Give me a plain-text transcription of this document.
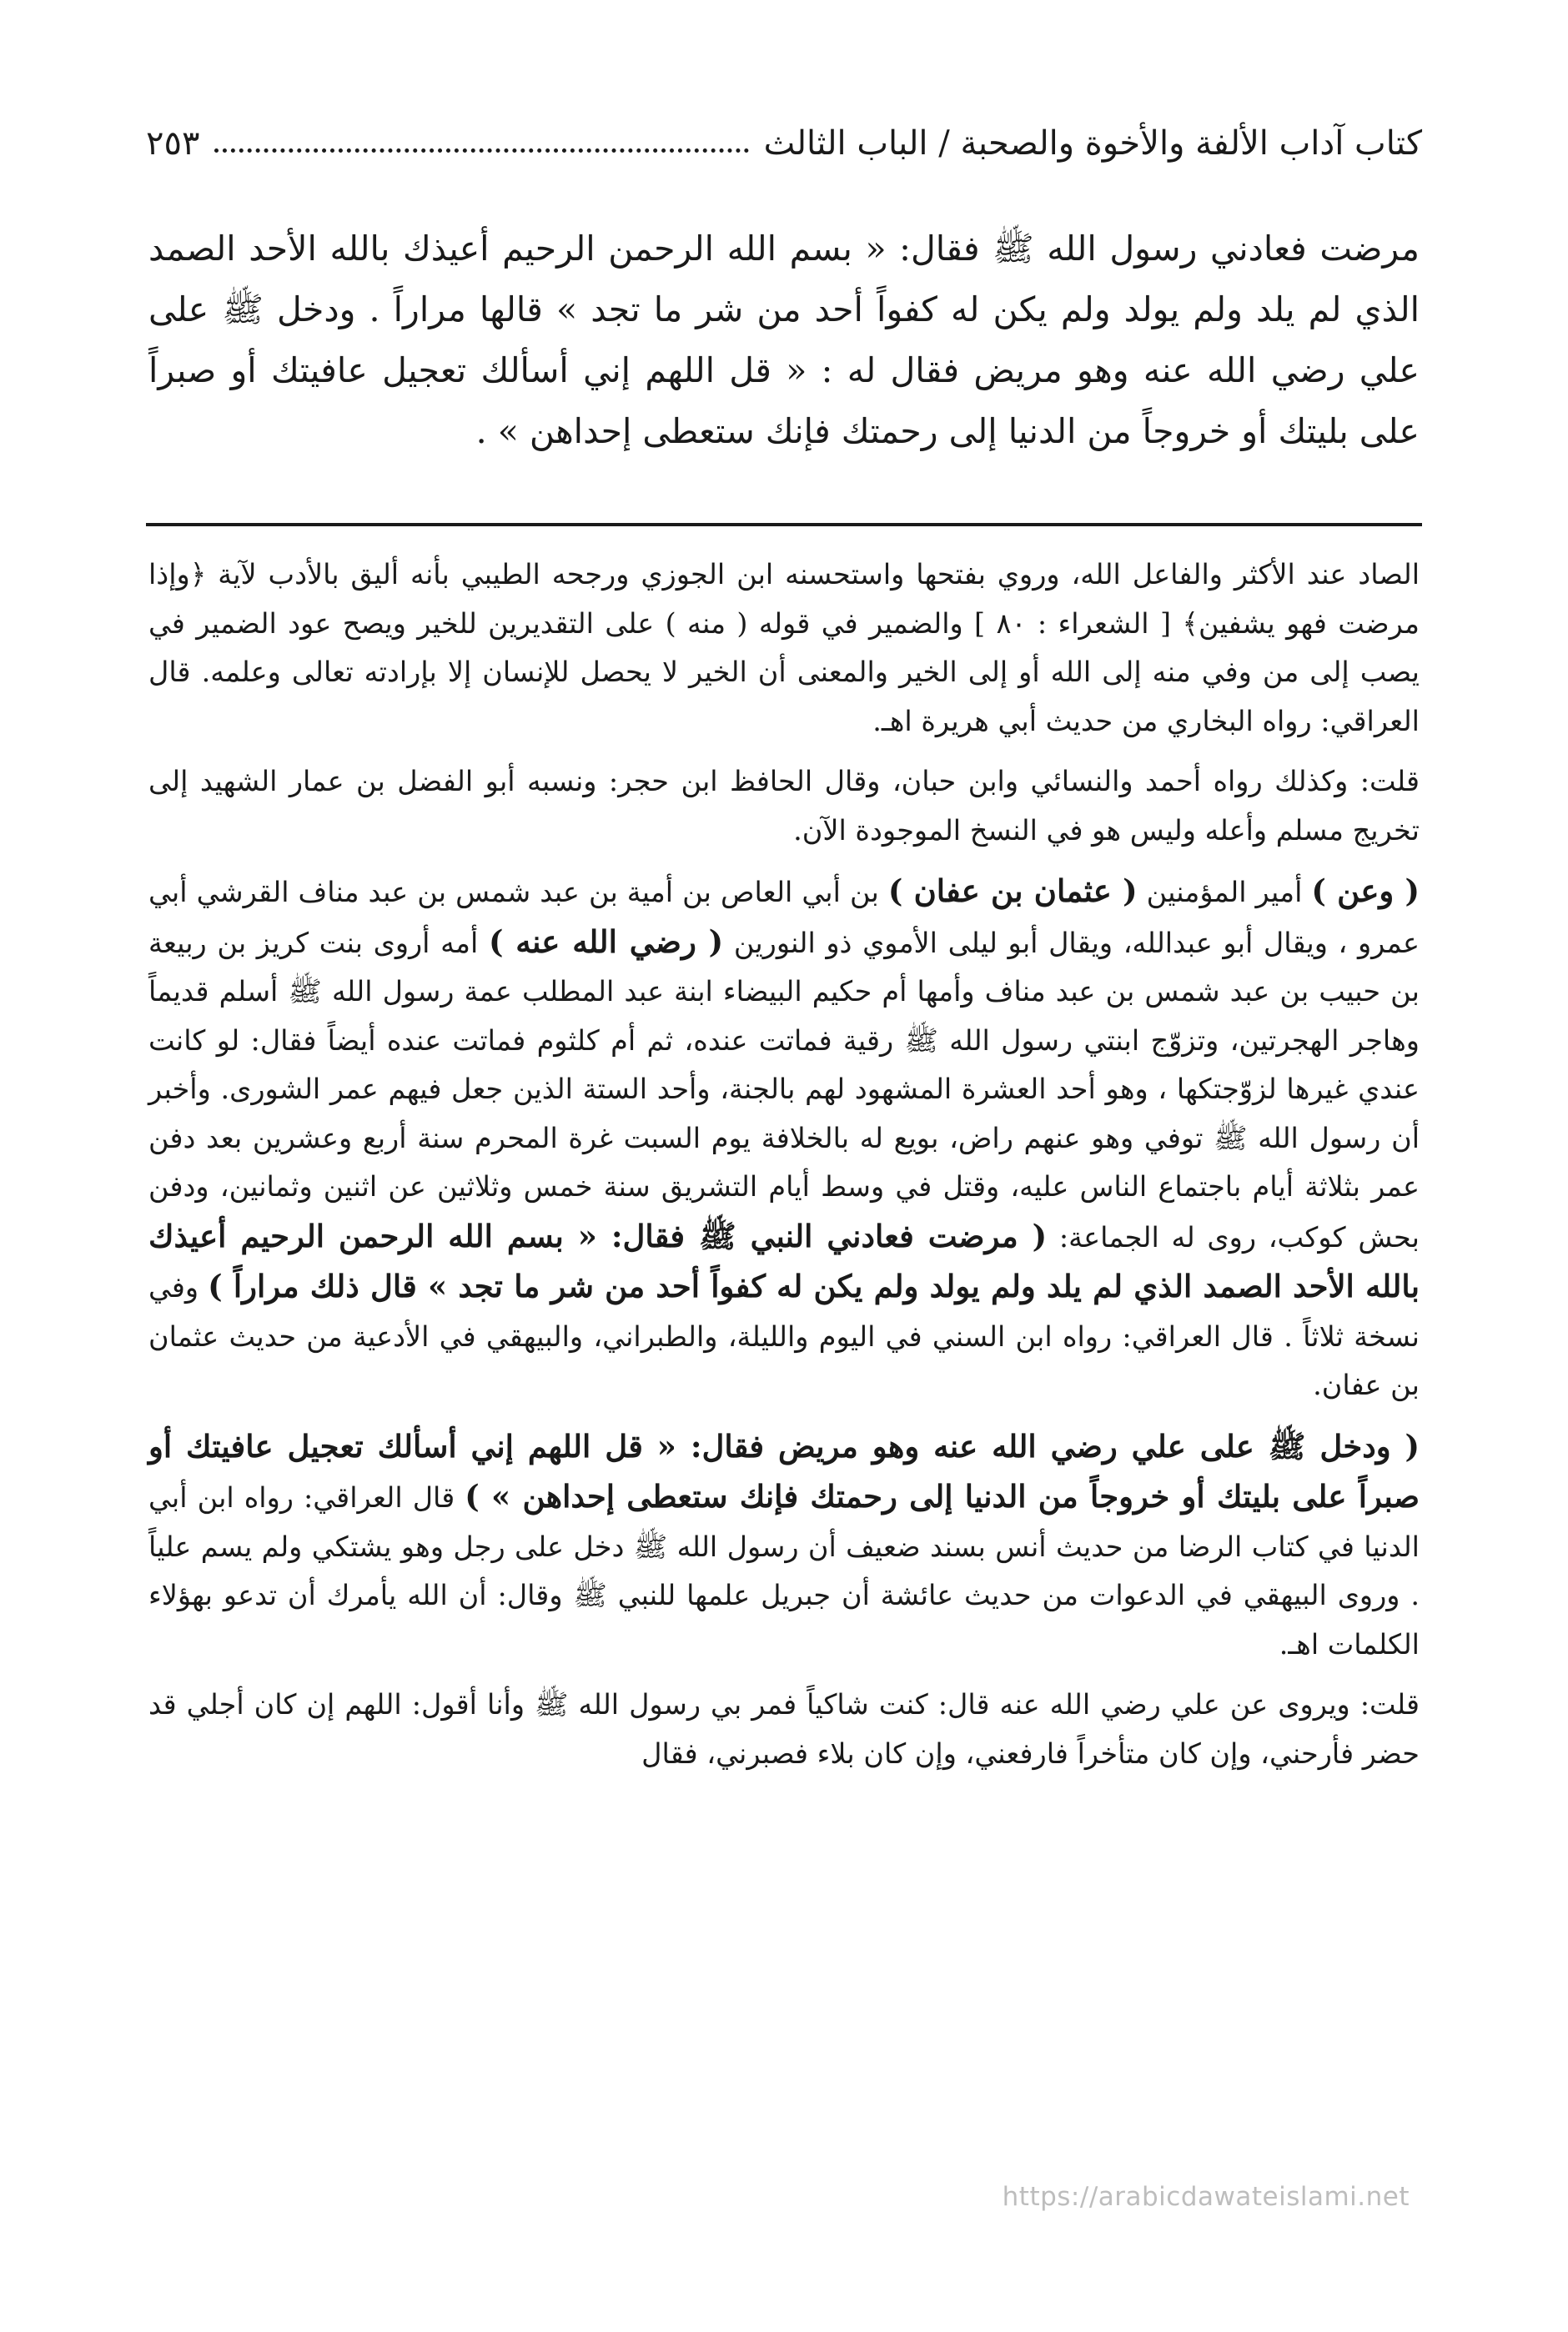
كتاب آداب الألفة والأخوة والصحبة / الباب الثالث
٢٥٣

مرضت فعادني رسول الله ﷺ فقال: « بسم الله الرحمن الرحيم أعيذك بالله الأحد الصمد الذي لم يلد ولم يولد ولم يكن له كفواً أحد من شر ما تجد » قالها مراراً . ودخل ﷺ على علي رضي الله عنه وهو مريض فقال له : « قل اللهم إني أسألك تعجيل عافيتك أو صبراً على بليتك أو خروجاً من الدنيا إلى رحمتك فإنك ستعطى إحداهن » .

الصاد عند الأكثر والفاعل الله، وروي بفتحها واستحسنه ابن الجوزي ورجحه الطيبي بأنه أليق بالأدب لآية ﴿وإذا مرضت فهو يشفين﴾ [ الشعراء : ٨٠ ] والضمير في قوله ( منه ) على التقديرين للخير ويصح عود الضمير في يصب إلى من وفي منه إلى الله أو إلى الخير والمعنى أن الخير لا يحصل للإنسان إلا بإرادته تعالى وعلمه. قال العراقي: رواه البخاري من حديث أبي هريرة اهـ.

قلت: وكذلك رواه أحمد والنسائي وابن حبان، وقال الحافظ ابن حجر: ونسبه أبو الفضل بن عمار الشهيد إلى تخريج مسلم وأعله وليس هو في النسخ الموجودة الآن.

( وعن ) أمير المؤمنين ( عثمان بن عفان ) بن أبي العاص بن أمية بن عبد شمس بن عبد مناف القرشي أبي عمرو ، ويقال أبو عبدالله، ويقال أبو ليلى الأموي ذو النورين ( رضي الله عنه ) أمه أروى بنت كريز بن ربيعة بن حبيب بن عبد شمس بن عبد مناف وأمها أم حكيم البيضاء ابنة عبد المطلب عمة رسول الله ﷺ أسلم قديماً وهاجر الهجرتين، وتزوّج ابنتي رسول الله ﷺ رقية فماتت عنده، ثم أم كلثوم فماتت عنده أيضاً فقال: لو كانت عندي غيرها لزوّجتكها ، وهو أحد العشرة المشهود لهم بالجنة، وأحد الستة الذين جعل فيهم عمر الشورى. وأخبر أن رسول الله ﷺ توفي وهو عنهم راض، بويع له بالخلافة يوم السبت غرة المحرم سنة أربع وعشرين بعد دفن عمر بثلاثة أيام باجتماع الناس عليه، وقتل في وسط أيام التشريق سنة خمس وثلاثين عن اثنين وثمانين، ودفن بحش كوكب، روى له الجماعة: ( مرضت فعادني النبي ﷺ فقال: « بسم الله الرحمن الرحيم أعيذك بالله الأحد الصمد الذي لم يلد ولم يولد ولم يكن له كفواً أحد من شر ما تجد » قال ذلك مراراً ) وفي نسخة ثلاثاً . قال العراقي: رواه ابن السني في اليوم والليلة، والطبراني، والبيهقي في الأدعية من حديث عثمان بن عفان.

( ودخل ﷺ على علي رضي الله عنه وهو مريض فقال: « قل اللهم إني أسألك تعجيل عافيتك أو صبراً على بليتك أو خروجاً من الدنيا إلى رحمتك فإنك ستعطى إحداهن » ) قال العراقي: رواه ابن أبي الدنيا في كتاب الرضا من حديث أنس بسند ضعيف أن رسول الله ﷺ دخل على رجل وهو يشتكي ولم يسم علياً . وروى البيهقي في الدعوات من حديث عائشة أن جبريل علمها للنبي ﷺ وقال: أن الله يأمرك أن تدعو بهؤلاء الكلمات اهـ.

قلت: ويروى عن علي رضي الله عنه قال: كنت شاكياً فمر بي رسول الله ﷺ وأنا أقول: اللهم إن كان أجلي قد حضر فأرحني، وإن كان متأخراً فارفعني، وإن كان بلاء فصبرني، فقال

https://arabicdawateislami.net
